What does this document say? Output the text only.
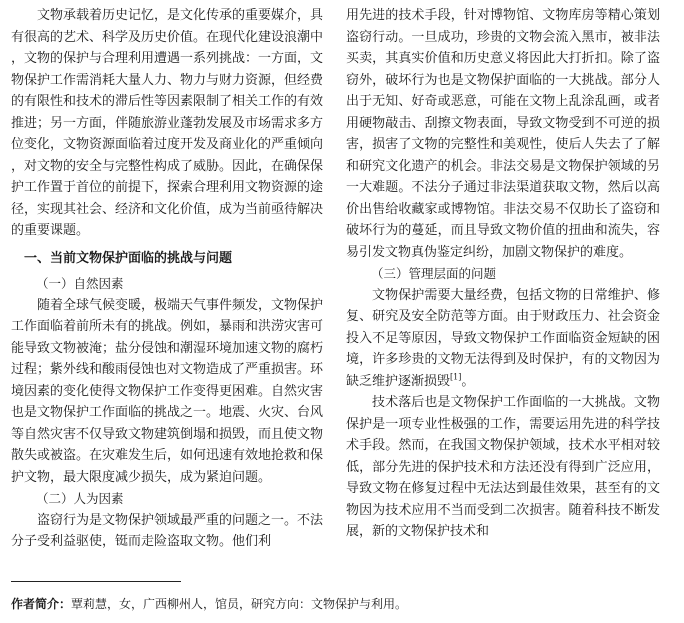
文物承载着历史记忆，是文化传承的重要媒介，具有很高的艺术、科学及历史价值。在现代化建设浪潮中，文物的保护与合理利用遭遇一系列挑战：一方面，文物保护工作需消耗大量人力、物力与财力资源，但经费的有限性和技术的滞后性等因素限制了相关工作的有效推进；另一方面，伴随旅游业蓬勃发展及市场需求多方位变化，文物资源面临着过度开发及商业化的严重倾向，对文物的安全与完整性构成了威胁。因此，在确保保护工作置于首位的前提下，探索合理利用文物资源的途径，实现其社会、经济和文化价值，成为当前亟待解决的重要课题。

一、当前文物保护面临的挑战与问题
（一）自然因素

随着全球气候变暖，极端天气事件频发，文物保护工作面临着前所未有的挑战。例如，暴雨和洪涝灾害可能导致文物被淹；盐分侵蚀和潮湿环境加速文物的腐朽过程；紫外线和酸雨侵蚀也对文物造成了严重损害。环境因素的变化使得文物保护工作变得更困难。自然灾害也是文物保护工作面临的挑战之一。地震、火灾、台风等自然灾害不仅导致文物建筑倒塌和损毁，而且使文物散失或被盗。在灾难发生后，如何迅速有效地抢救和保护文物，最大限度减少损失，成为紧迫问题。

（二）人为因素

盗窃行为是文物保护领域最严重的问题之一。不法分子受利益驱使，铤而走险盗取文物。他们利

用先进的技术手段，针对博物馆、文物库房等精心策划盗窃行动。一旦成功，珍贵的文物会流入黑市，被非法买卖，其真实价值和历史意义将因此大打折扣。除了盗窃外，破坏行为也是文物保护面临的一大挑战。部分人出于无知、好奇或恶意，可能在文物上乱涂乱画，或者用硬物敲击、刮擦文物表面，导致文物受到不可逆的损害，损害了文物的完整性和美观性，使后人失去了了解和研究文化遗产的机会。非法交易是文物保护领域的另一大难题。不法分子通过非法渠道获取文物，然后以高价出售给收藏家或博物馆。非法交易不仅助长了盗窃和破坏行为的蔓延，而且导致文物价值的扭曲和流失，容易引发文物真伪鉴定纠纷，加剧文物保护的难度。

（三）管理层面的问题

文物保护需要大量经费，包括文物的日常维护、修复、研究及安全防范等方面。由于财政压力、社会资金投入不足等原因，导致文物保护工作面临资金短缺的困境，许多珍贵的文物无法得到及时保护，有的文物因为缺乏维护逐渐损毁[1]。

技术落后也是文物保护工作面临的一大挑战。文物保护是一项专业性极强的工作，需要运用先进的科学技术手段。然而，在我国文物保护领域，技术水平相对较低，部分先进的保护技术和方法还没有得到广泛应用，导致文物在修复过程中无法达到最佳效果，甚至有的文物因为技术应用不当而受到二次损害。随着科技不断发展，新的文物保护技术和

作者简介：覃莉慧，女，广西柳州人，馆员，研究方向：文物保护与利用。
